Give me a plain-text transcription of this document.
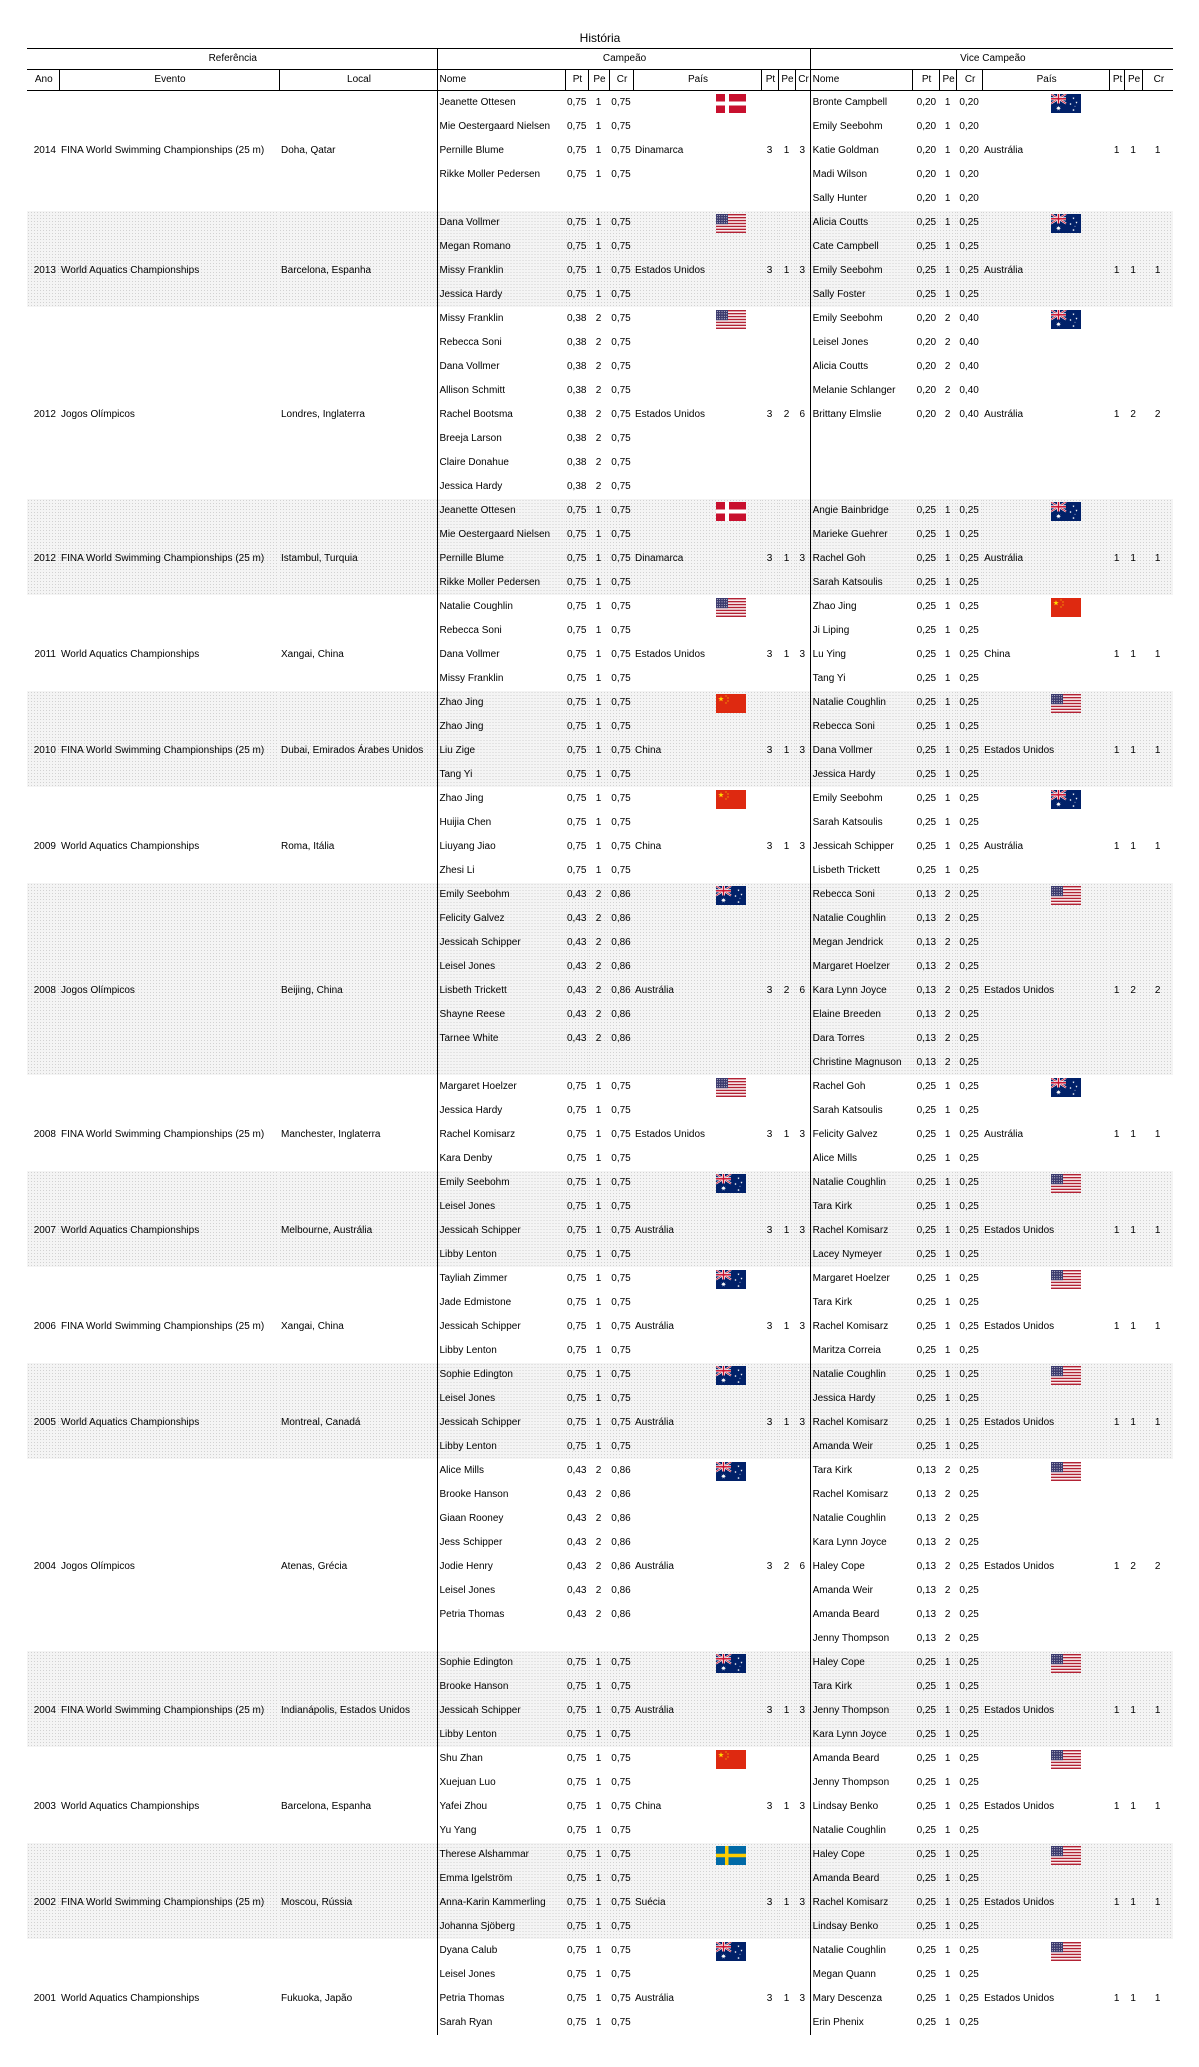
História
Referência			Campeão								Vice Campeão							
Ano	Evento	Local	Nome	Pt	Pe	Cr	País	Pt	Pe	Cr	Nome	Pt	Pe	Cr	País	Pt	Pe	Cr
			Jeanette Ottesen	0,75	1	0,75					Bronte Campbell	0,20	1	0,20	

			Mie Oestergaard Nielsen	0,75	1	0,75					Emily Seebohm	0,20	1	0,20				
2014	FINA World Swimming Championships (25 m)	Doha, Qatar	Pernille Blume	0,75	1	0,75	Dinamarca	3	1	3	Katie Goldman	0,20	1	0,20	Austrália	1	1	1
			Rikke Moller Pedersen	0,75	1	0,75					Madi Wilson	0,20	1	0,20				
											Sally Hunter	0,20	1	0,20				
			Dana Vollmer	0,75	1	0,75					Alicia Coutts	0,25	1	0,25	

			Megan Romano	0,75	1	0,75					Cate Campbell	0,25	1	0,25				
2013	World Aquatics Championships	Barcelona, Espanha	Missy Franklin	0,75	1	0,75	Estados Unidos	3	1	3	Emily Seebohm	0,25	1	0,25	Austrália	1	1	1
			Jessica Hardy	0,75	1	0,75					Sally Foster	0,25	1	0,25				
			Missy Franklin	0,38	2	0,75					Emily Seebohm	0,20	2	0,40	

			Rebecca Soni	0,38	2	0,75					Leisel Jones	0,20	2	0,40				
			Dana Vollmer	0,38	2	0,75					Alicia Coutts	0,20	2	0,40				
			Allison Schmitt	0,38	2	0,75					Melanie Schlanger	0,20	2	0,40				
2012	Jogos Olímpicos	Londres, Inglaterra	Rachel Bootsma	0,38	2	0,75	Estados Unidos	3	2	6	Brittany Elmslie	0,20	2	0,40	Austrália	1	2	2
			Breeja Larson	0,38	2	0,75												
			Claire Donahue	0,38	2	0,75												
			Jessica Hardy	0,38	2	0,75												
			Jeanette Ottesen	0,75	1	0,75					Angie Bainbridge	0,25	1	0,25	

			Mie Oestergaard Nielsen	0,75	1	0,75					Marieke Guehrer	0,25	1	0,25				
2012	FINA World Swimming Championships (25 m)	Istambul, Turquia	Pernille Blume	0,75	1	0,75	Dinamarca	3	1	3	Rachel Goh	0,25	1	0,25	Austrália	1	1	1
			Rikke Moller Pedersen	0,75	1	0,75					Sarah Katsoulis	0,25	1	0,25				
			Natalie Coughlin	0,75	1	0,75					Zhao Jing	0,25	1	0,25	

			Rebecca Soni	0,75	1	0,75					Ji Liping	0,25	1	0,25				
2011	World Aquatics Championships	Xangai, China	Dana Vollmer	0,75	1	0,75	Estados Unidos	3	1	3	Lu Ying	0,25	1	0,25	China	1	1	1
			Missy Franklin	0,75	1	0,75					Tang Yi	0,25	1	0,25				
			Zhao Jing	0,75	1	0,75					Natalie Coughlin	0,25	1	0,25	

			Zhao Jing	0,75	1	0,75					Rebecca Soni	0,25	1	0,25				
2010	FINA World Swimming Championships (25 m)	Dubai, Emirados Árabes Unidos	Liu Zige	0,75	1	0,75	China	3	1	3	Dana Vollmer	0,25	1	0,25	Estados Unidos	1	1	1
			Tang Yi	0,75	1	0,75					Jessica Hardy	0,25	1	0,25				
			Zhao Jing	0,75	1	0,75					Emily Seebohm	0,25	1	0,25	

			Huijia Chen	0,75	1	0,75					Sarah Katsoulis	0,25	1	0,25				
2009	World Aquatics Championships	Roma, Itália	Liuyang Jiao	0,75	1	0,75	China	3	1	3	Jessicah Schipper	0,25	1	0,25	Austrália	1	1	1
			Zhesi Li	0,75	1	0,75					Lisbeth Trickett	0,25	1	0,25				
			Emily Seebohm	0,43	2	0,86					Rebecca Soni	0,13	2	0,25	

			Felicity Galvez	0,43	2	0,86					Natalie Coughlin	0,13	2	0,25				
			Jessicah Schipper	0,43	2	0,86					Megan Jendrick	0,13	2	0,25				
			Leisel Jones	0,43	2	0,86					Margaret Hoelzer	0,13	2	0,25				
2008	Jogos Olímpicos	Beijing, China	Lisbeth Trickett	0,43	2	0,86	Austrália	3	2	6	Kara Lynn Joyce	0,13	2	0,25	Estados Unidos	1	2	2
			Shayne Reese	0,43	2	0,86					Elaine Breeden	0,13	2	0,25				
			Tarnee White	0,43	2	0,86					Dara Torres	0,13	2	0,25				
											Christine Magnuson	0,13	2	0,25				
			Margaret Hoelzer	0,75	1	0,75					Rachel Goh	0,25	1	0,25	

			Jessica Hardy	0,75	1	0,75					Sarah Katsoulis	0,25	1	0,25				
2008	FINA World Swimming Championships (25 m)	Manchester, Inglaterra	Rachel Komisarz	0,75	1	0,75	Estados Unidos	3	1	3	Felicity Galvez	0,25	1	0,25	Austrália	1	1	1
			Kara Denby	0,75	1	0,75					Alice Mills	0,25	1	0,25				
			Emily Seebohm	0,75	1	0,75					Natalie Coughlin	0,25	1	0,25	

			Leisel Jones	0,75	1	0,75					Tara Kirk	0,25	1	0,25				
2007	World Aquatics Championships	Melbourne, Austrália	Jessicah Schipper	0,75	1	0,75	Austrália	3	1	3	Rachel Komisarz	0,25	1	0,25	Estados Unidos	1	1	1
			Libby Lenton	0,75	1	0,75					Lacey Nymeyer	0,25	1	0,25				
			Tayliah Zimmer	0,75	1	0,75					Margaret Hoelzer	0,25	1	0,25	

			Jade Edmistone	0,75	1	0,75					Tara Kirk	0,25	1	0,25				
2006	FINA World Swimming Championships (25 m)	Xangai, China	Jessicah Schipper	0,75	1	0,75	Austrália	3	1	3	Rachel Komisarz	0,25	1	0,25	Estados Unidos	1	1	1
			Libby Lenton	0,75	1	0,75					Maritza Correia	0,25	1	0,25				
			Sophie Edington	0,75	1	0,75					Natalie Coughlin	0,25	1	0,25	

			Leisel Jones	0,75	1	0,75					Jessica Hardy	0,25	1	0,25				
2005	World Aquatics Championships	Montreal, Canadá	Jessicah Schipper	0,75	1	0,75	Austrália	3	1	3	Rachel Komisarz	0,25	1	0,25	Estados Unidos	1	1	1
			Libby Lenton	0,75	1	0,75					Amanda Weir	0,25	1	0,25				
			Alice Mills	0,43	2	0,86					Tara Kirk	0,13	2	0,25	

			Brooke Hanson	0,43	2	0,86					Rachel Komisarz	0,13	2	0,25				
			Giaan Rooney	0,43	2	0,86					Natalie Coughlin	0,13	2	0,25				
			Jess Schipper	0,43	2	0,86					Kara Lynn Joyce	0,13	2	0,25				
2004	Jogos Olímpicos	Atenas, Grécia	Jodie Henry	0,43	2	0,86	Austrália	3	2	6	Haley Cope	0,13	2	0,25	Estados Unidos	1	2	2
			Leisel Jones	0,43	2	0,86					Amanda Weir	0,13	2	0,25				
			Petria Thomas	0,43	2	0,86					Amanda Beard	0,13	2	0,25				
											Jenny Thompson	0,13	2	0,25				
			Sophie Edington	0,75	1	0,75					Haley Cope	0,25	1	0,25	

			Brooke Hanson	0,75	1	0,75					Tara Kirk	0,25	1	0,25				
2004	FINA World Swimming Championships (25 m)	Indianápolis, Estados Unidos	Jessicah Schipper	0,75	1	0,75	Austrália	3	1	3	Jenny Thompson	0,25	1	0,25	Estados Unidos	1	1	1
			Libby Lenton	0,75	1	0,75					Kara Lynn Joyce	0,25	1	0,25				
			Shu Zhan	0,75	1	0,75					Amanda Beard	0,25	1	0,25	

			Xuejuan Luo	0,75	1	0,75					Jenny Thompson	0,25	1	0,25				
2003	World Aquatics Championships	Barcelona, Espanha	Yafei Zhou	0,75	1	0,75	China	3	1	3	Lindsay Benko	0,25	1	0,25	Estados Unidos	1	1	1
			Yu Yang	0,75	1	0,75					Natalie Coughlin	0,25	1	0,25				
			Therese Alshammar	0,75	1	0,75					Haley Cope	0,25	1	0,25	

			Emma Igelström	0,75	1	0,75					Amanda Beard	0,25	1	0,25				
2002	FINA World Swimming Championships (25 m)	Moscou, Rússia	Anna-Karin Kammerling	0,75	1	0,75	Suécia	3	1	3	Rachel Komisarz	0,25	1	0,25	Estados Unidos	1	1	1
			Johanna Sjöberg	0,75	1	0,75					Lindsay Benko	0,25	1	0,25				
			Dyana Calub	0,75	1	0,75					Natalie Coughlin	0,25	1	0,25	

			Leisel Jones	0,75	1	0,75					Megan Quann	0,25	1	0,25				
2001	World Aquatics Championships	Fukuoka, Japão	Petria Thomas	0,75	1	0,75	Austrália	3	1	3	Mary Descenza	0,25	1	0,25	Estados Unidos	1	1	1
			Sarah Ryan	0,75	1	0,75					Erin Phenix	0,25	1	0,25				
